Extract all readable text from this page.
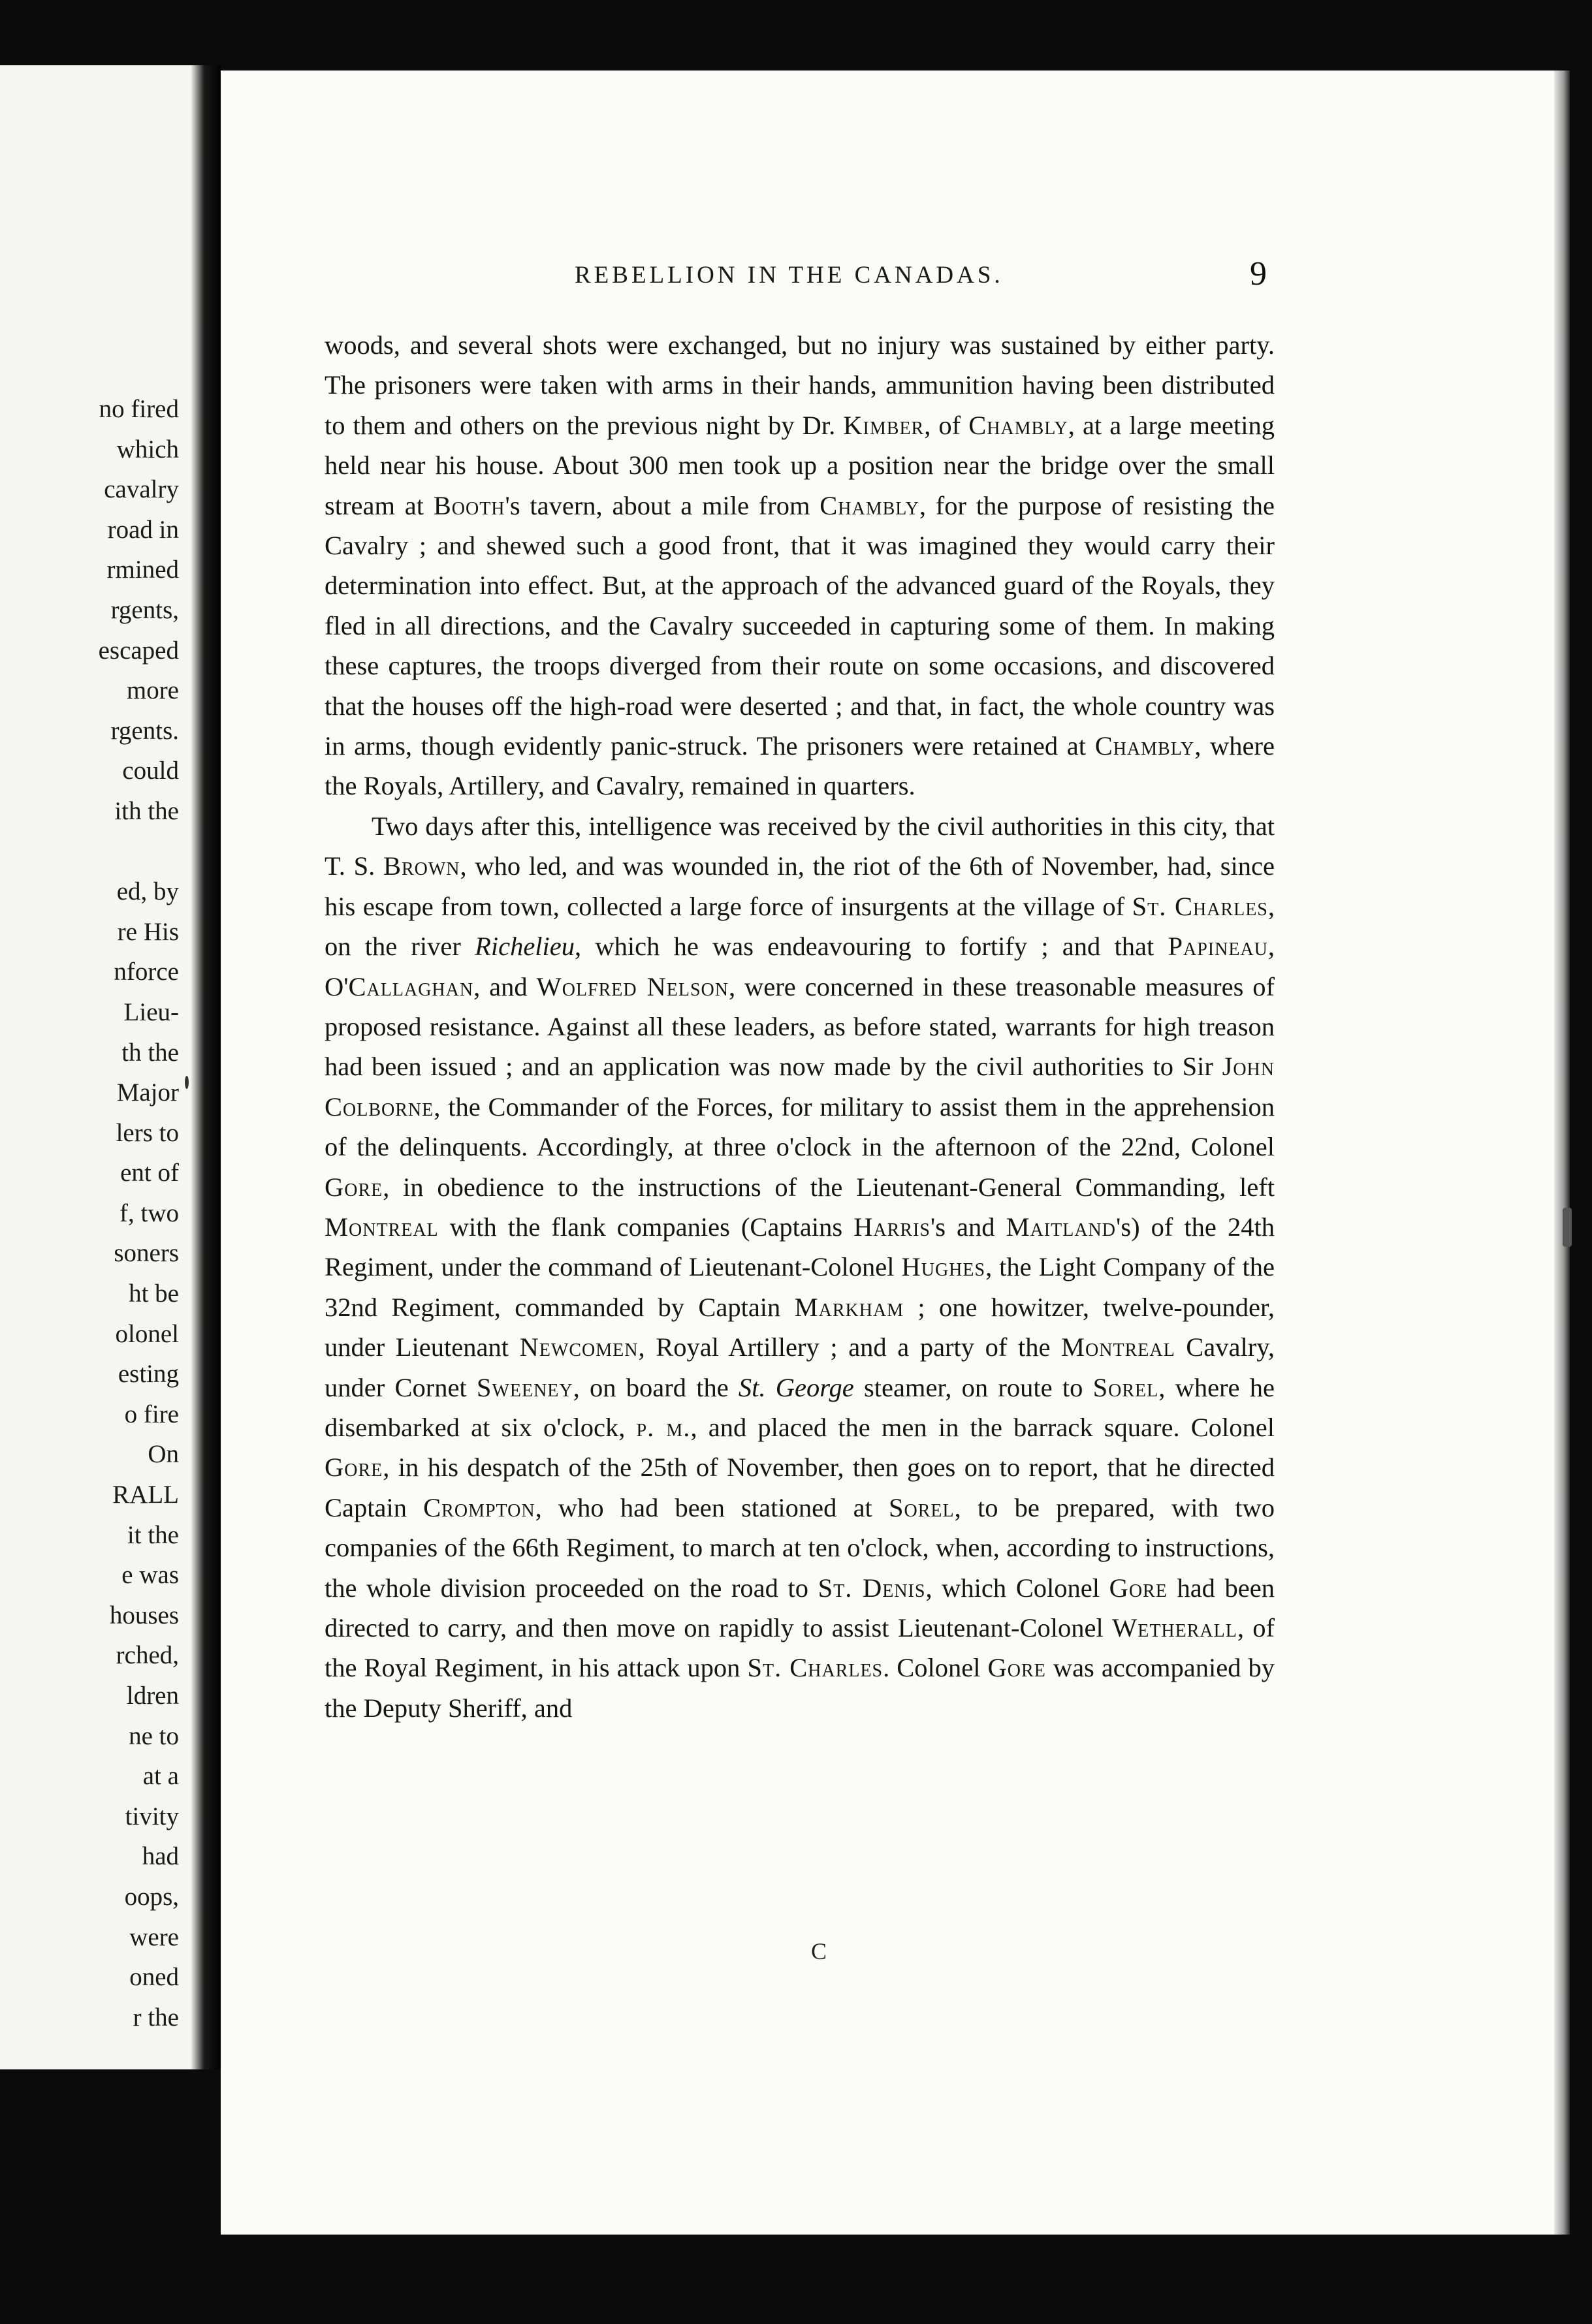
no fired
which
cavalry
road in
rmined
rgents,
escaped
more
rgents.
could
ith the

ed, by
re His
nforce
Lieu-
th the
Major
lers to
ent of
f, two
soners
ht be
olonel
esting
o fire
On
RALL
it the
e was
houses
rched,
ldren
ne to
at a
tivity
had
oops,
were
oned
r the
REBELLION IN THE CANADAS.	9

woods, and several shots were exchanged, but no injury was sustained by either party. The prisoners were taken with arms in their hands, ammunition having been distributed to them and others on the previous night by Dr. Kimber, of Chambly, at a large meeting held near his house. About 300 men took up a position near the bridge over the small stream at Booth's tavern, about a mile from Chambly, for the purpose of resisting the Cavalry ; and shewed such a good front, that it was imagined they would carry their determination into effect. But, at the approach of the advanced guard of the Royals, they fled in all directions, and the Cavalry succeeded in capturing some of them. In making these captures, the troops diverged from their route on some occasions, and discovered that the houses off the high-road were deserted ; and that, in fact, the whole country was in arms, though evidently panic-struck. The prisoners were retained at Chambly, where the Royals, Artillery, and Cavalry, remained in quarters.

Two days after this, intelligence was received by the civil authorities in this city, that T. S. Brown, who led, and was wounded in, the riot of the 6th of November, had, since his escape from town, collected a large force of insurgents at the village of St. Charles, on the river Richelieu, which he was endeavouring to fortify ; and that Papineau, O'Callaghan, and Wolfred Nelson, were concerned in these treasonable measures of proposed resistance. Against all these leaders, as before stated, warrants for high treason had been issued ; and an application was now made by the civil authorities to Sir John Colborne, the Commander of the Forces, for military to assist them in the apprehension of the delinquents. Accordingly, at three o'clock in the afternoon of the 22nd, Colonel Gore, in obedience to the instructions of the Lieutenant-General Commanding, left Montreal with the flank companies (Captains Harris's and Maitland's) of the 24th Regiment, under the command of Lieutenant-Colonel Hughes, the Light Company of the 32nd Regiment, commanded by Captain Markham ; one howitzer, twelve-pounder, under Lieutenant Newcomen, Royal Artillery ; and a party of the Montreal Cavalry, under Cornet Sweeney, on board the St. George steamer, on route to Sorel, where he disembarked at six o'clock, p. m., and placed the men in the barrack square. Colonel Gore, in his despatch of the 25th of November, then goes on to report, that he directed Captain Crompton, who had been stationed at Sorel, to be prepared, with two companies of the 66th Regiment, to march at ten o'clock, when, according to instructions, the whole division proceeded on the road to St. Denis, which Colonel Gore had been directed to carry, and then move on rapidly to assist Lieutenant-Colonel Wetherall, of the Royal Regiment, in his attack upon St. Charles. Colonel Gore was accompanied by the Deputy Sheriff, and

C
